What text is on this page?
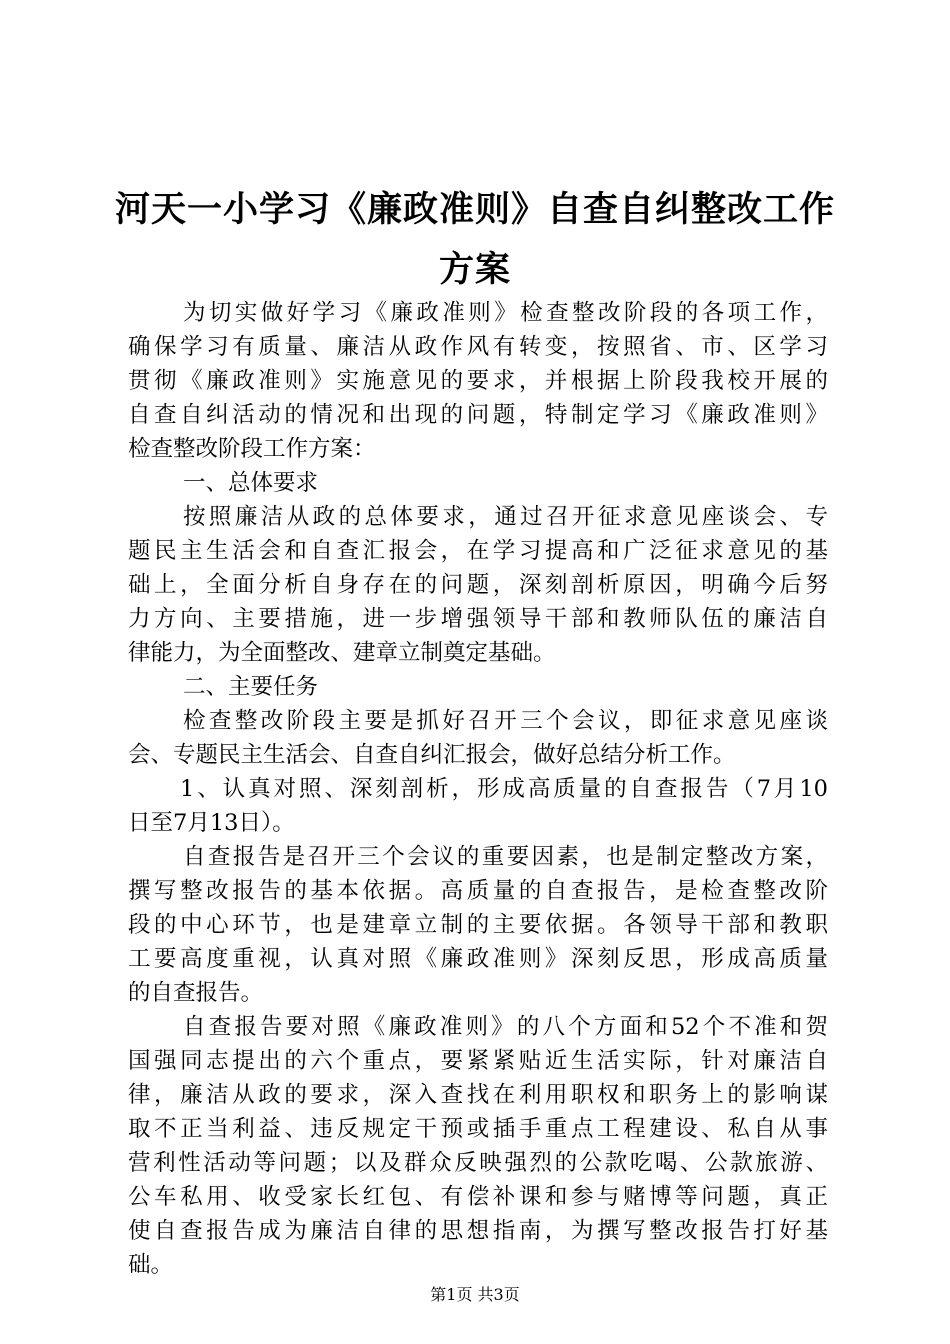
河天一小学习《廉政准则》自查自纠整改工作
方案
为切实做好学习《廉政准则》检查整改阶段的各项工作，
确保学习有质量、廉洁从政作风有转变，按照省、市、区学习
贯彻《廉政准则》实施意见的要求，并根据上阶段我校开展的
自查自纠活动的情况和出现的问题，特制定学习《廉政准则》
检查整改阶段工作方案：
一、总体要求
按照廉洁从政的总体要求，通过召开征求意见座谈会、专
题民主生活会和自查汇报会，在学习提高和广泛征求意见的基
础上，全面分析自身存在的问题，深刻剖析原因，明确今后努
力方向、主要措施，进一步增强领导干部和教师队伍的廉洁自
律能力，为全面整改、建章立制奠定基础。
二、主要任务
检查整改阶段主要是抓好召开三个会议，即征求意见座谈
会、专题民主生活会、自查自纠汇报会，做好总结分析工作。
1、认真对照、深刻剖析，形成高质量的自查报告（7月10
日至7月13日）。
自查报告是召开三个会议的重要因素，也是制定整改方案，
撰写整改报告的基本依据。高质量的自查报告，是检查整改阶
段的中心环节，也是建章立制的主要依据。各领导干部和教职
工要高度重视，认真对照《廉政准则》深刻反思，形成高质量
的自查报告。
自查报告要对照《廉政准则》的八个方面和52个不准和贺
国强同志提出的六个重点，要紧紧贴近生活实际，针对廉洁自
律，廉洁从政的要求，深入查找在利用职权和职务上的影响谋
取不正当利益、违反规定干预或插手重点工程建设、私自从事
营利性活动等问题；以及群众反映强烈的公款吃喝、公款旅游、
公车私用、收受家长红包、有偿补课和参与赌博等问题，真正
使自查报告成为廉洁自律的思想指南，为撰写整改报告打好基
础。
第1页 共3页
